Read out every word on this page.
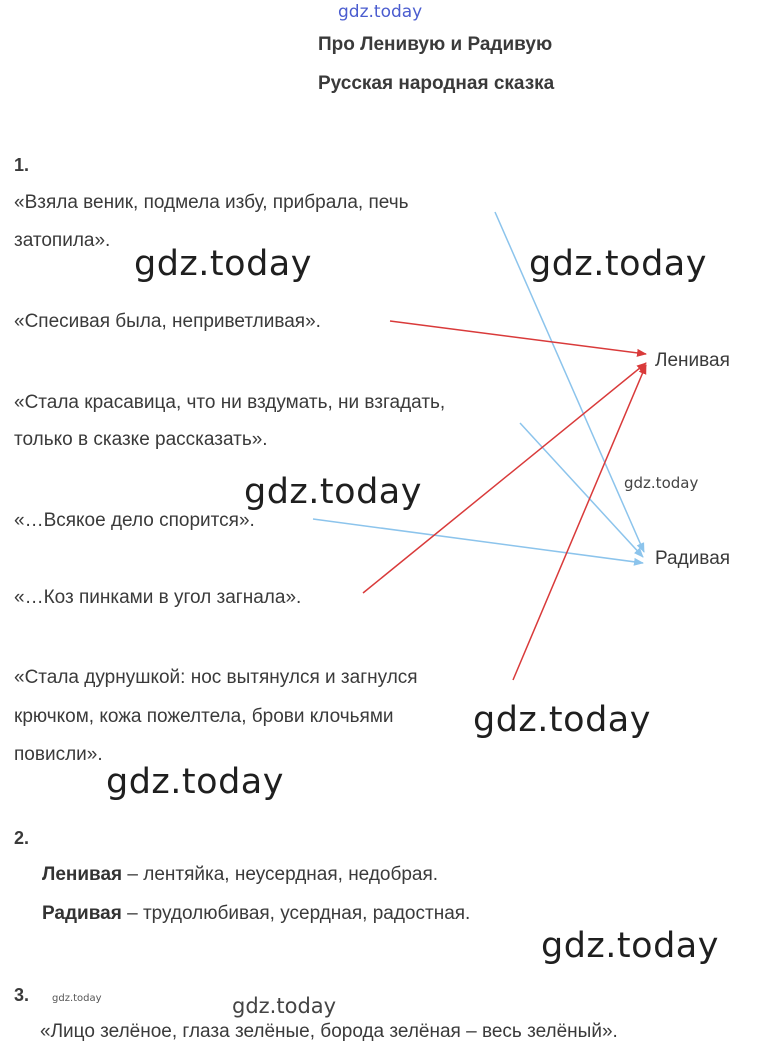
gdz.today
Про Ленивую и Радивую
Русская народная сказка
1.
«Взяла веник, подмела избу, прибрала, печь
затопила».
«Спесивая была, неприветливая».
«Стала красавица, что ни вздумать, ни взгадать,
только в сказке рассказать».
«…Всякое дело спорится».
«…Коз пинками в угол загнала».
«Стала дурнушкой: нос вытянулся и загнулся
крючком, кожа пожелтела, брови клочьями
повисли».
Ленивая
Радивая
gdz.today	gdz.today
gdz.today
gdz.today
gdz.today
gdz.today
2.
Ленивая – лентяйка, неусердная, недобрая.
Радивая – трудолюбивая, усердная, радостная.
gdz.today
3. gdz.today	gdz.today
«Лицо зелёное, глаза зелёные, борода зелёная – весь зелёный».
